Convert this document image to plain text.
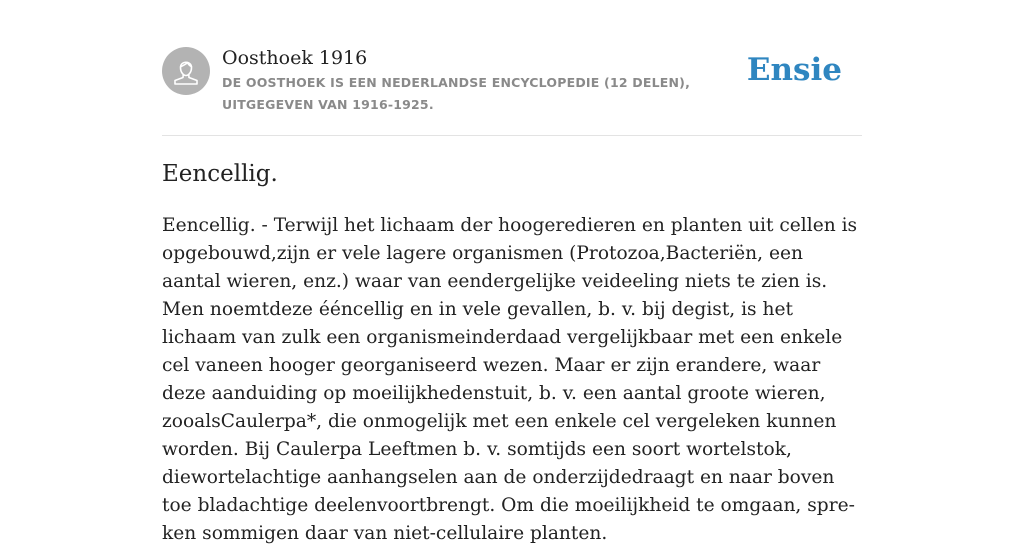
Oosthoek 1916
DE OOSTHOEK IS EEN NEDERLANDSE ENCYCLOPEDIE (12 DELEN), UITGEGEVEN VAN 1916-1925.
Ensie
Eencellig.

Eencellig. - Terwijl het lichaam der hoogeredieren en planten uit cellen is opgebouwd,zijn er vele lagere organismen (Protozoa,Bacteriën, een aantal wieren, enz.) waar van eendergelijke veideeling niets te zien is. Men noemtdeze ééncellig en in vele gevallen, b. v. bij degist, is het lichaam van zulk een organismeinderdaad vergelijkbaar met een enkele cel vaneen hooger georganiseerd wezen. Maar er zijn erandere, waar deze aanduiding op moeilijkhedenstuit, b. v. een aantal groote wieren, zooalsCaulerpa*, die onmogelijk met een enkele cel vergeleken kunnen worden. Bij Caulerpa Leeftmen b. v. somtijds een soort wortelstok, diewortelachtige aanhangselen aan de onderzijdedraagt en naar boven toe bladachtige deelenvoortbrengt. Om die moeilijkheid te omgaan, spre-ken sommigen daar van niet-cellulaire planten.
